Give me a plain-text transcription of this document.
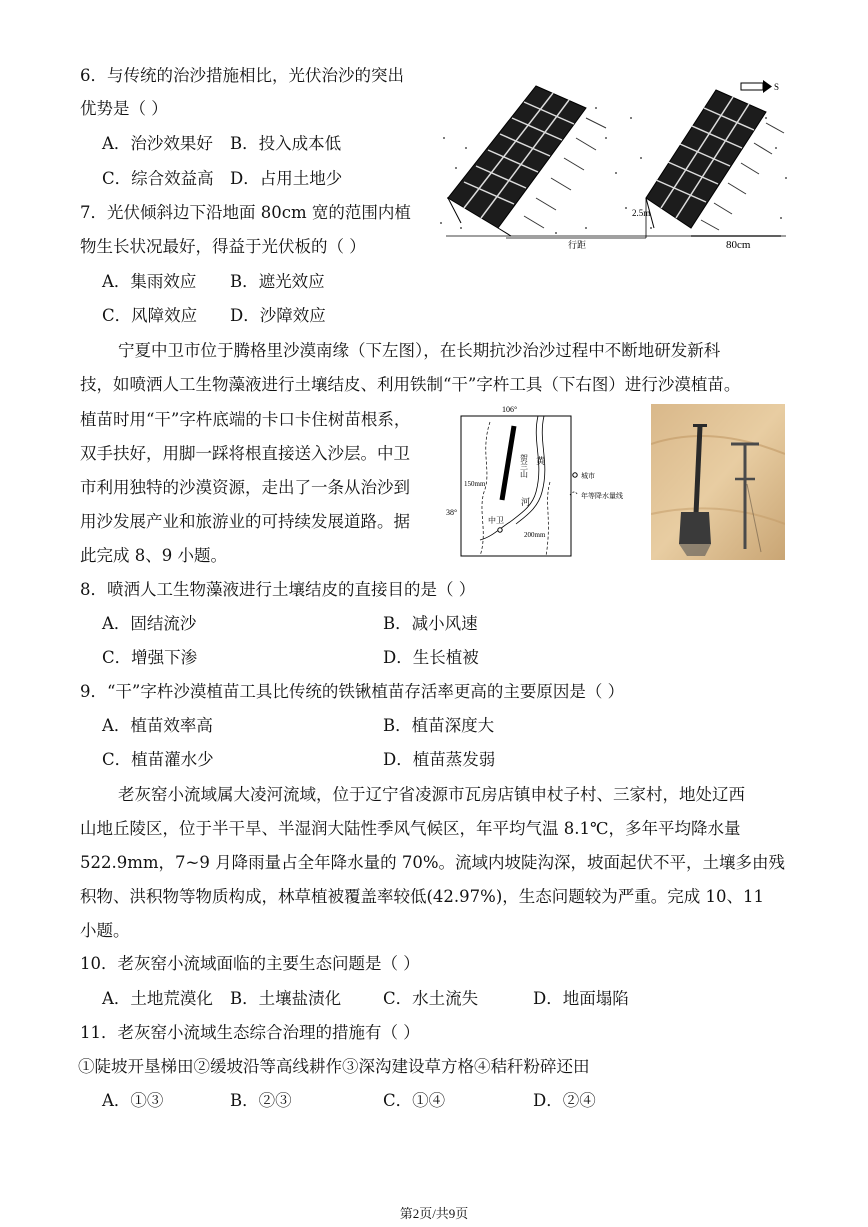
6．与传统的治沙措施相比，光伏治沙的突出
优势是（ ）
A．治沙效果好 B．投入成本低
C．综合效益高 D．占用土地少
7．光伏倾斜边下沿地面 80cm 宽的范围内植
物生长状况最好，得益于光伏板的（ ）
A．集雨效应 B．遮光效应
C．风障效应 D．沙障效应
S
2.5m
行距	80cm
宁夏中卫市位于腾格里沙漠南缘（下左图），在长期抗沙治沙过程中不断地研发新科
技，如喷洒人工生物藻液进行土壤结皮、利用铁制“干”字杵工具（下右图）进行沙漠植苗。
植苗时用“干”字杵底端的卡口卡住树苗根系，
双手扶好，用脚一踩将根直接送入沙层。中卫
市利用独特的沙漠资源，走出了一条从治沙到
用沙发展产业和旅游业的可持续发展道路。据
此完成 8、9 小题。
106°
38°
贺兰山 黄
河
150mm
200mm
中卫
城市
年等降水量线
8．喷洒人工生物藻液进行土壤结皮的直接目的是（ ）
A．固结流沙	B．减小风速
C．增强下渗	D．生长植被
9．“干”字杵沙漠植苗工具比传统的铁锹植苗存活率更高的主要原因是（ ）
A．植苗效率高	B．植苗深度大
C．植苗灌水少	D．植苗蒸发弱
老灰窑小流域属大凌河流域，位于辽宁省凌源市瓦房店镇申杖子村、三家村，地处辽西
山地丘陵区，位于半干旱、半湿润大陆性季风气候区，年平均气温 8.1℃，多年平均降水量
522.9mm，7~9 月降雨量占全年降水量的 70%。流域内坡陡沟深，坡面起伏不平，土壤多由残
积物、洪积物等物质构成，林草植被覆盖率较低(42.97%)，生态问题较为严重。完成 10、11
小题。
10．老灰窑小流域面临的主要生态问题是（ ）
A．土地荒漠化 B．土壤盐渍化	C．水土流失	D．地面塌陷
11．老灰窑小流域生态综合治理的措施有（ ）
①陡坡开垦梯田②缓坡沿等高线耕作③深沟建设草方格④秸秆粉碎还田
A．①③	B．②③	C．①④	D．②④
第2页/共9页
